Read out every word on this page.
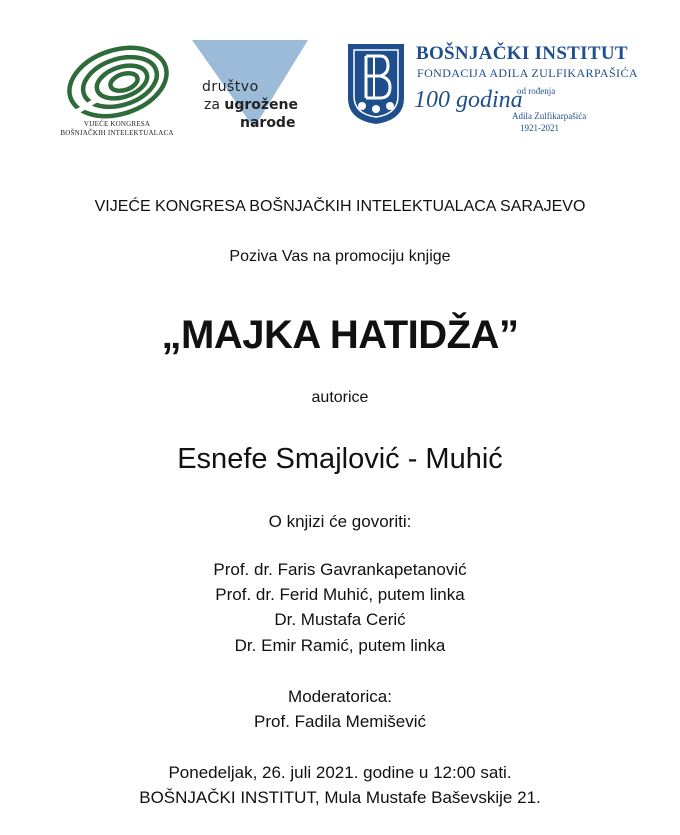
VIJEĆE KONGRESA
BOŠNJAČKIH INTELEKTUALACA
društvo
za ugrožene
narode
BOŠNJAČKI INSTITUT
FONDACIJA ADILA ZULFIKARPAŠIĆA
100 godina
od rođenja
Adila Zulfikarpašića
1921-2021
VIJEĆE KONGRESA BOŠNJAČKIH INTELEKTUALACA SARAJEVO
Poziva Vas na promociju knjige
„MAJKA HATIDŽA”
autorice
Esnefe Smajlović - Muhić
O knjizi će govoriti:
Prof. dr. Faris Gavrankapetanović
Prof. dr. Ferid Muhić, putem linka
Dr. Mustafa Cerić
Dr. Emir Ramić, putem linka
Moderatorica:
Prof. Fadila Memišević
Ponedeljak, 26. juli 2021. godine u 12:00 sati.
BOŠNJAČKI INSTITUT, Mula Mustafe Baševskije 21.
